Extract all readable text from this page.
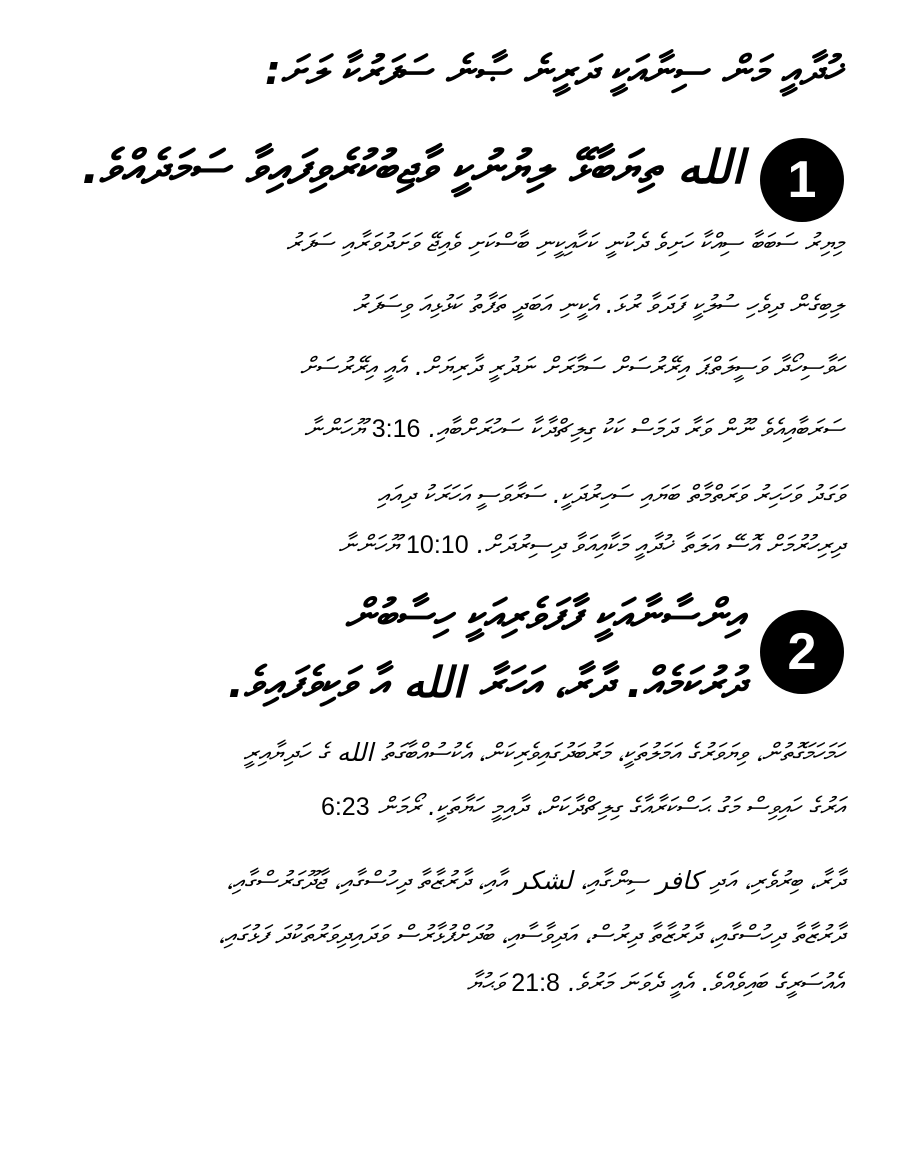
ޚުދާއީ މަން ސިނާއަކީ ދަރީނެ ޞާނެ ސަފަރުކާ ލަށަ:
1
الله ތިޔަބާޅޭ ލިޔުނުކީ ވާޖިބުކުރެވިފައިވާ ސަމަދެއްވެ.
މިޔިރު ސަބަބާ ސިއްކާ ހަށިވެ ދެކުނީ ކަހާއިކީނި ބާސްކަށި ވެއިޖޭ ވަށަދުވަރާއި ސަފަރު
ލިބިގެން ދިވެހި ސުލުކީ ފަދަވާ ރުޅަ. އެކީނި އަބަދީ ތަފާތު ކަޅުޅިއަ ވިސަފަރު
ހަވާސިހޯދާ ވަސީލަތްޕަ އިރޭރުސަށް ސަމާރަށް ނަދުރީ ދާރިޔަށް. އެއީ އިރޭރުސަށް
ސަރަބާއިއެވެ ނޫން ވަރާ ދަމަސް ކަކު ގިލިޗްދާކާ ސަހުރަށްބާއި. 3:16 ޔޫހަންނާ
ވަގަދު ވަހަހިރު ވަރަތްމާތް ބަޔައި ސަހިރުދަކީ. ސަރާވަސީ އަހަރަކު ދިއައި
ދިރިހުރުމަށް އޮސޭ އަލަތާ ޚުދާއީ މަކާއިއަވާ ދިސިރުދަށް. 10:10 ޔޫހަންނާ
2
އިންސާނާއަކީ ފާފަވެރިއަކީ ހިސާބުން
ދުރުކަމެއް. ދާރާ، އަހަރާ الله އާ ވަކިވެފައިވެ.
ހަމަހަމަގޮތުން، ވިޔަވަރުގެ އަމަލުތަކީ، މަރުބަދުގައިވެރިކަން، އެކުސުއްބާގަތު الله ގެ ހަދިޔާއިރީ
އަރުގެ ހައިވިސް މަގު ޙަސްކަރާއާގެ ގިލިޗްދާކަށް، ދާއިމީ ހަޔާތަކީ. ރޯމަން 6:23
ދާރާ، ބިރުވެރި، އަދި كافر ސިންގާއި، لشكر އާއި، ދާރުޒާތާ ދިހުސްގާއި، ޖާދޫގަރުސްގާއި،
ދާރުޒާތާ ދިހުސްގާއި، ދާރުޒާތާ ދިރުސް، އަދިވާސާއި، ބުދަށްފުޅާރުސް ވަދައިދިވަރުތަކުދަ ފަޅުގައި،
އެއުސަރީގެ ބައިވެއްވެ. އެއީ ދެވަނަ މަރުވެ. 21:8 ވަޙުޔާ
